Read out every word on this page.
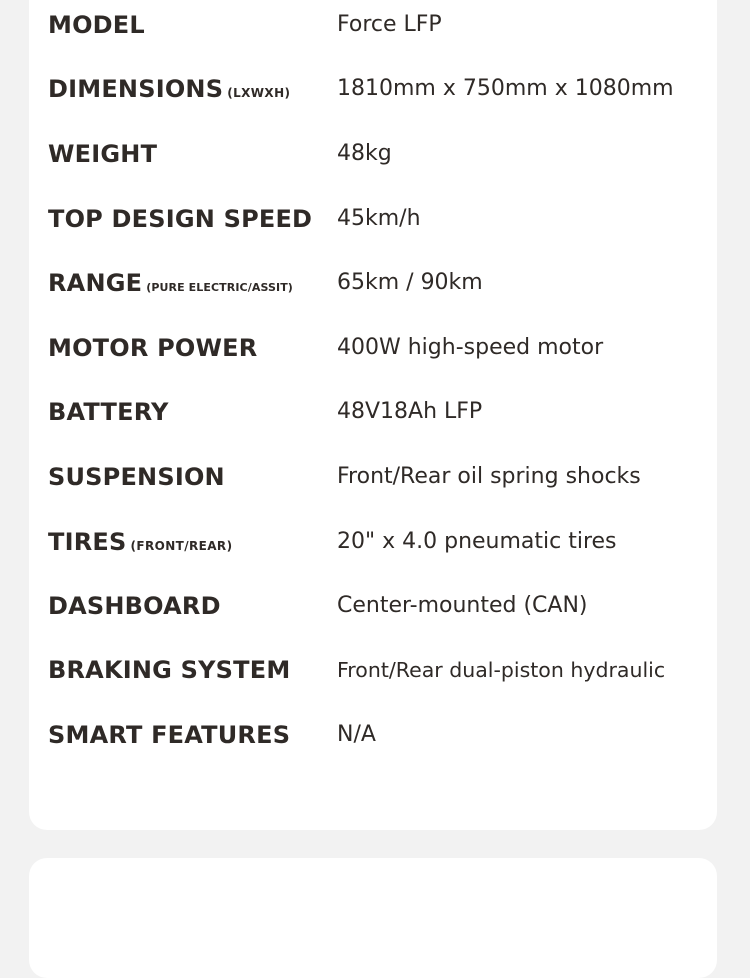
MODEL	Force LFP
DIMENSIONS (LXWXH) 1810mm x 750mm x 1080mm
WEIGHT	48kg
TOP DESIGN SPEED 45km/h
RANGE (PURE ELECTRIC/ASSIT) 65km / 90km
MOTOR POWER	400W high-speed motor
BATTERY	48V18Ah LFP
SUSPENSION	Front/Rear oil spring shocks
TIRES (FRONT/REAR)	20" x 4.0 pneumatic tires
DASHBOARD	Center-mounted (CAN)
BRAKING SYSTEM Front/Rear dual-piston hydraulic
SMART FEATURES N/A
